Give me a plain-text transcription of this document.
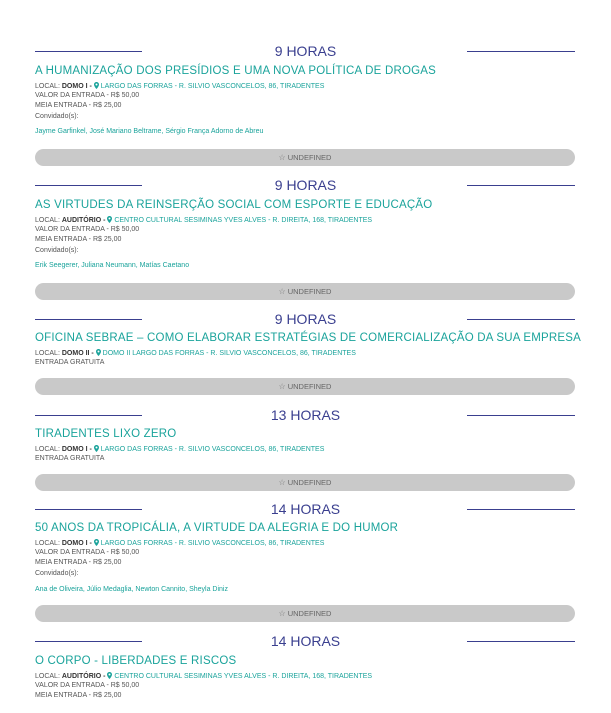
9 HORAS
A HUMANIZAÇÃO DOS PRESÍDIOS E UMA NOVA POLÍTICA DE DROGAS
LOCAL: DOMO I - LARGO DAS FORRAS - R. SILVIO VASCONCELOS, 86, TIRADENTES
VALOR DA ENTRADA - R$ 50,00
MEIA ENTRADA - R$ 25,00
Convidado(s):
Jayme Garfinkel, José Mariano Beltrame, Sérgio França Adorno de Abreu
☆ UNDEFINED
9 HORAS
AS VIRTUDES DA REINSERÇÃO SOCIAL COM ESPORTE E EDUCAÇÃO
LOCAL: AUDITÓRIO - CENTRO CULTURAL SESIMINAS YVES ALVES - R. DIREITA, 168, TIRADENTES
VALOR DA ENTRADA - R$ 50,00
MEIA ENTRADA - R$ 25,00
Convidado(s):
Erik Seegerer, Juliana Neumann, Matías Caetano
☆ UNDEFINED
9 HORAS
OFICINA SEBRAE – COMO ELABORAR ESTRATÉGIAS DE COMERCIALIZAÇÃO DA SUA EMPRESA
LOCAL: DOMO II - DOMO II LARGO DAS FORRAS - R. SILVIO VASCONCELOS, 86, TIRADENTES
ENTRADA GRATUITA
☆ UNDEFINED
13 HORAS
TIRADENTES LIXO ZERO
LOCAL: DOMO I - LARGO DAS FORRAS - R. SILVIO VASCONCELOS, 86, TIRADENTES
ENTRADA GRATUITA
☆ UNDEFINED
14 HORAS
50 ANOS DA TROPICÁLIA, A VIRTUDE DA ALEGRIA E DO HUMOR
LOCAL: DOMO I - LARGO DAS FORRAS - R. SILVIO VASCONCELOS, 86, TIRADENTES
VALOR DA ENTRADA - R$ 50,00
MEIA ENTRADA - R$ 25,00
Convidado(s):
Ana de Oliveira, Júlio Medaglia, Newton Cannito, Sheyla Diniz
☆ UNDEFINED
14 HORAS
O CORPO - LIBERDADES E RISCOS
LOCAL: AUDITÓRIO - CENTRO CULTURAL SESIMINAS YVES ALVES - R. DIREITA, 168, TIRADENTES
VALOR DA ENTRADA - R$ 50,00
MEIA ENTRADA - R$ 25,00
